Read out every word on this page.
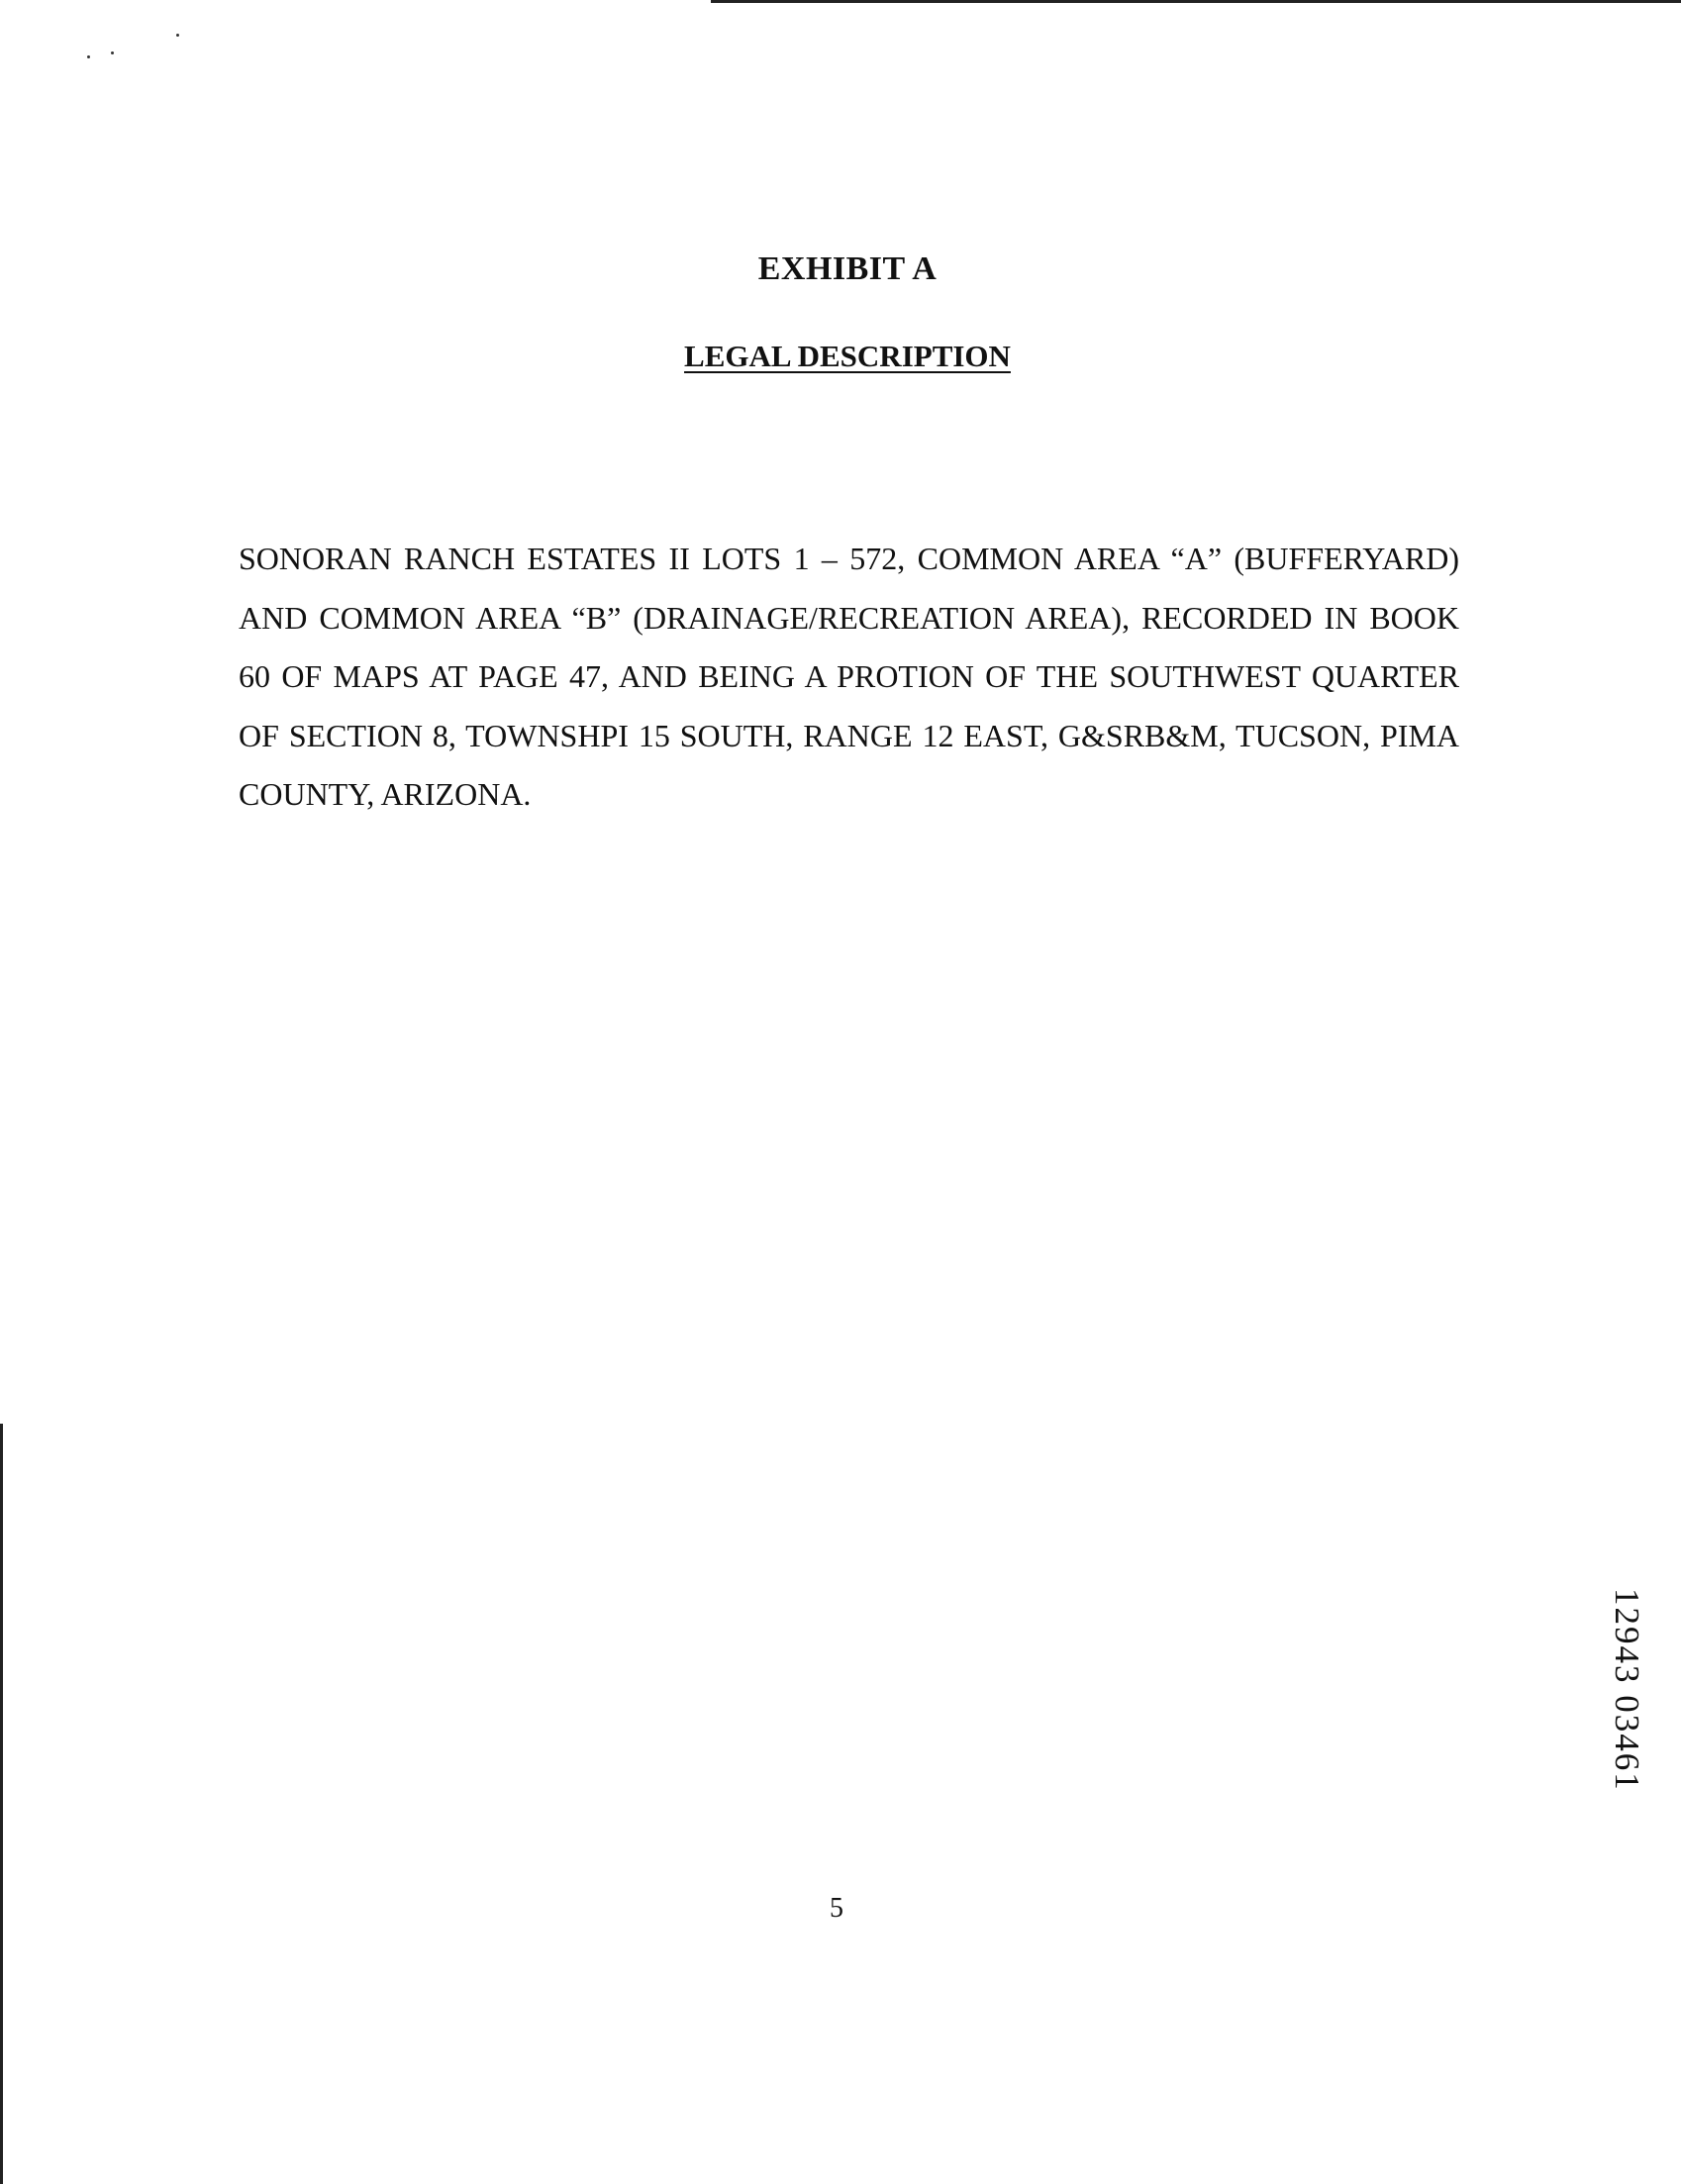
EXHIBIT A
LEGAL DESCRIPTION

SONORAN RANCH ESTATES II LOTS 1 – 572, COMMON AREA “A” (BUFFERYARD) AND COMMON AREA “B” (DRAINAGE/RECREATION AREA), RECORDED IN BOOK 60 OF MAPS AT PAGE 47, AND BEING A PROTION OF THE SOUTHWEST QUARTER OF SECTION 8, TOWNSHPI 15 SOUTH, RANGE 12 EAST, G&SRB&M, TUCSON, PIMA COUNTY, ARIZONA.

5
12943 03461
